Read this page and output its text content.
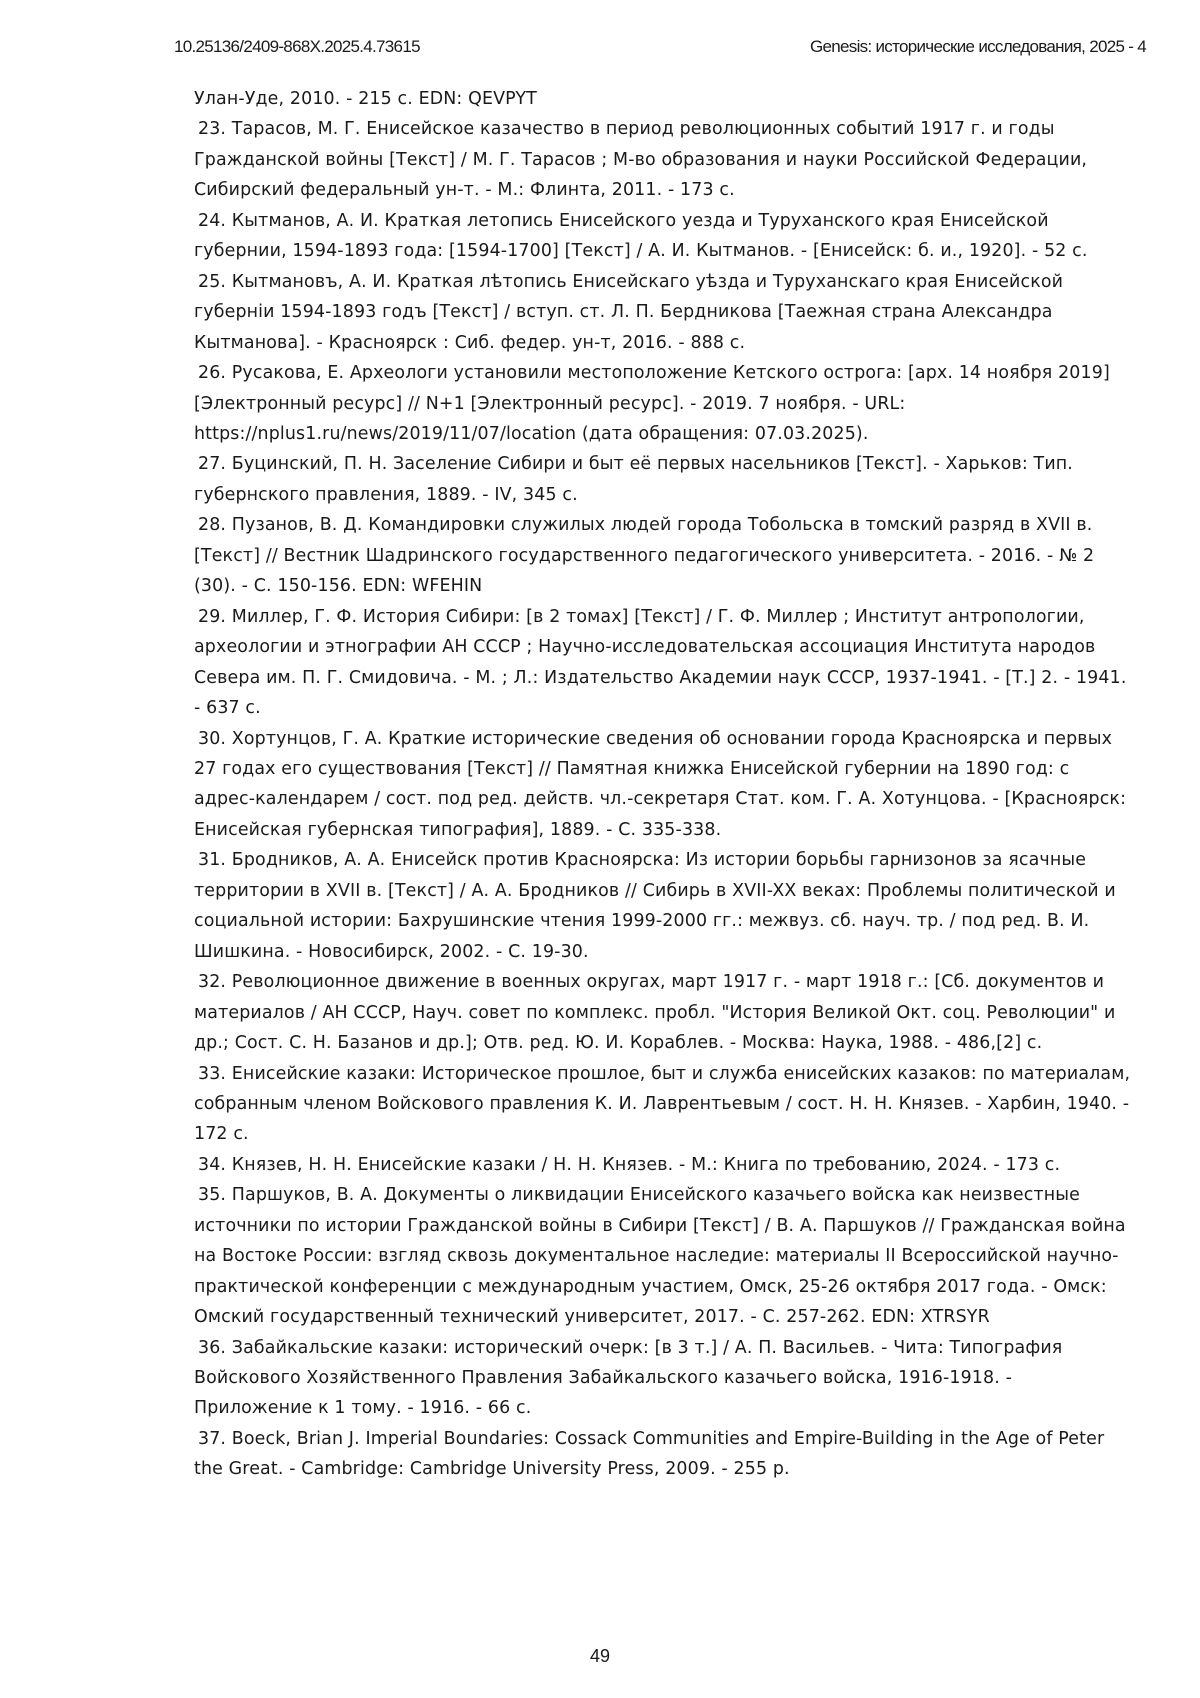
10.25136/2409-868X.2025.4.73615	Genesis: исторические исследования, 2025 - 4

Улан-Уде, 2010. - 215 с. EDN: QEVPYT

23. Тарасов, М. Г. Енисейское казачество в период революционных событий 1917 г. и годы Гражданской войны [Текст] / М. Г. Тарасов ; М-во образования и науки Российской Федерации, Сибирский федеральный ун-т. - М.: Флинта, 2011. - 173 с.

24. Кытманов, А. И. Краткая летопись Енисейского уезда и Туруханского края Енисейской губернии, 1594-1893 года: [1594-1700] [Текст] / А. И. Кытманов. - [Енисейск: б. и., 1920]. - 52 с.

25. Кытмановъ, А. И. Краткая лѣтопись Енисейскаго уѣзда и Туруханскаго края Енисейской губернiи 1594-1893 годъ [Текст] / вступ. ст. Л. П. Бердникова [Таежная страна Александра Кытманова]. - Красноярск : Сиб. федер. ун-т, 2016. - 888 с.

26. Русакова, Е. Археологи установили местоположение Кетского острога: [арх. 14 ноября 2019] [Электронный ресурс] // N+1 [Электронный ресурс]. - 2019. 7 ноября. - URL: https://nplus1.ru/news/2019/11/07/location (дата обращения: 07.03.2025).

27. Буцинский, П. Н. Заселение Сибири и быт её первых насельников [Текст]. - Харьков: Тип. губернского правления, 1889. - IV, 345 с.

28. Пузанов, В. Д. Командировки служилых людей города Тобольска в томский разряд в XVII в. [Текст] // Вестник Шадринского государственного педагогического университета. - 2016. - № 2 (30). - С. 150-156. EDN: WFEHIN

29. Миллер, Г. Ф. История Сибири: [в 2 томах] [Текст] / Г. Ф. Миллер ; Институт антропологии, археологии и этнографии АН СССР ; Научно-исследовательская ассоциация Института народов Севера им. П. Г. Смидовича. - М. ; Л.: Издательство Академии наук СССР, 1937-1941. - [Т.] 2. - 1941. - 637 с.

30. Хортунцов, Г. А. Краткие исторические сведения об основании города Красноярска и первых 27 годах его существования [Текст] // Памятная книжка Енисейской губернии на 1890 год: с адрес-календарем / сост. под ред. действ. чл.-секретаря Стат. ком. Г. А. Хотунцова. - [Красноярск: Енисейская губернская типография], 1889. - С. 335-338.

31. Бродников, А. А. Енисейск против Красноярска: Из истории борьбы гарнизонов за ясачные территории в XVII в. [Текст] / А. А. Бродников // Сибирь в XVII-XX веках: Проблемы политической и социальной истории: Бахрушинские чтения 1999-2000 гг.: межвуз. сб. науч. тр. / под ред. В. И. Шишкина. - Новосибирск, 2002. - С. 19-30.

32. Революционное движение в военных округах, март 1917 г. - март 1918 г.: [Сб. документов и материалов / АН СССР, Науч. совет по комплекс. пробл. "История Великой Окт. соц. Революции" и др.; Сост. С. Н. Базанов и др.]; Отв. ред. Ю. И. Кораблев. - Москва: Наука, 1988. - 486,[2] с.

33. Енисейские казаки: Историческое прошлое, быт и служба енисейских казаков: по материалам, собранным членом Войскового правления К. И. Лаврентьевым / сост. Н. Н. Князев. - Харбин, 1940. - 172 с.

34. Князев, Н. Н. Енисейские казаки / Н. Н. Князев. - М.: Книга по требованию, 2024. - 173 с.

35. Паршуков, В. А. Документы о ликвидации Енисейского казачьего войска как неизвестные источники по истории Гражданской войны в Сибири [Текст] / В. А. Паршуков // Гражданская война на Востоке России: взгляд сквозь документальное наследие: материалы II Всероссийской научно-практической конференции с международным участием, Омск, 25-26 октября 2017 года. - Омск: Омский государственный технический университет, 2017. - С. 257-262. EDN: XTRSYR

36. Забайкальские казаки: исторический очерк: [в 3 т.] / А. П. Васильев. - Чита: Типография Войскового Хозяйственного Правления Забайкальского казачьего войска, 1916-1918. - Приложение к 1 тому. - 1916. - 66 с.

37. Boeck, Brian J. Imperial Boundaries: Cossack Communities and Empire-Building in the Age of Peter the Great. - Cambridge: Cambridge University Press, 2009. - 255 p.

49
